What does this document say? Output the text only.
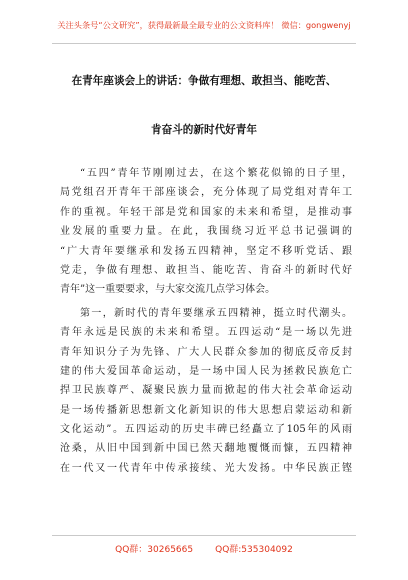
关注头条号“公文研究”，获得最新最全最专业的公文资料库！ 微信：gongwenyj
在青年座谈会上的讲话：争做有理想、敢担当、能吃苦、
肯奋斗的新时代好青年
“五四”青年节刚刚过去，在这个繁花似锦的日子里，
局党组召开青年干部座谈会，充分体现了局党组对青年工
作的重视。年轻干部是党和国家的未来和希望，是推动事
业发展的重要力量。在此，我围绕习近平总书记强调的
“广大青年要继承和发扬五四精神，坚定不移听党话、跟
党走，争做有理想、敢担当、能吃苦、肯奋斗的新时代好
青年”这一重要要求，与大家交流几点学习体会。
第一，新时代的青年要继承五四精神，挺立时代潮头。
青年永远是民族的未来和希望。五四运动“是一场以先进
青年知识分子为先锋、广大人民群众参加的彻底反帝反封
建的伟大爱国革命运动，是一场中国人民为拯救民族危亡
捍卫民族尊严、凝聚民族力量而掀起的伟大社会革命运动
是一场传播新思想新文化新知识的伟大思想启蒙运动和新
文化运动”。五四运动的历史丰碑已经矗立了105年的风雨
沧桑，从旧中国到新中国已然天翻地覆慨而慷，五四精神
在一代又一代青年中传承接续、光大发扬。中华民族正铿
QQ群：30265665 QQ群:535304092
